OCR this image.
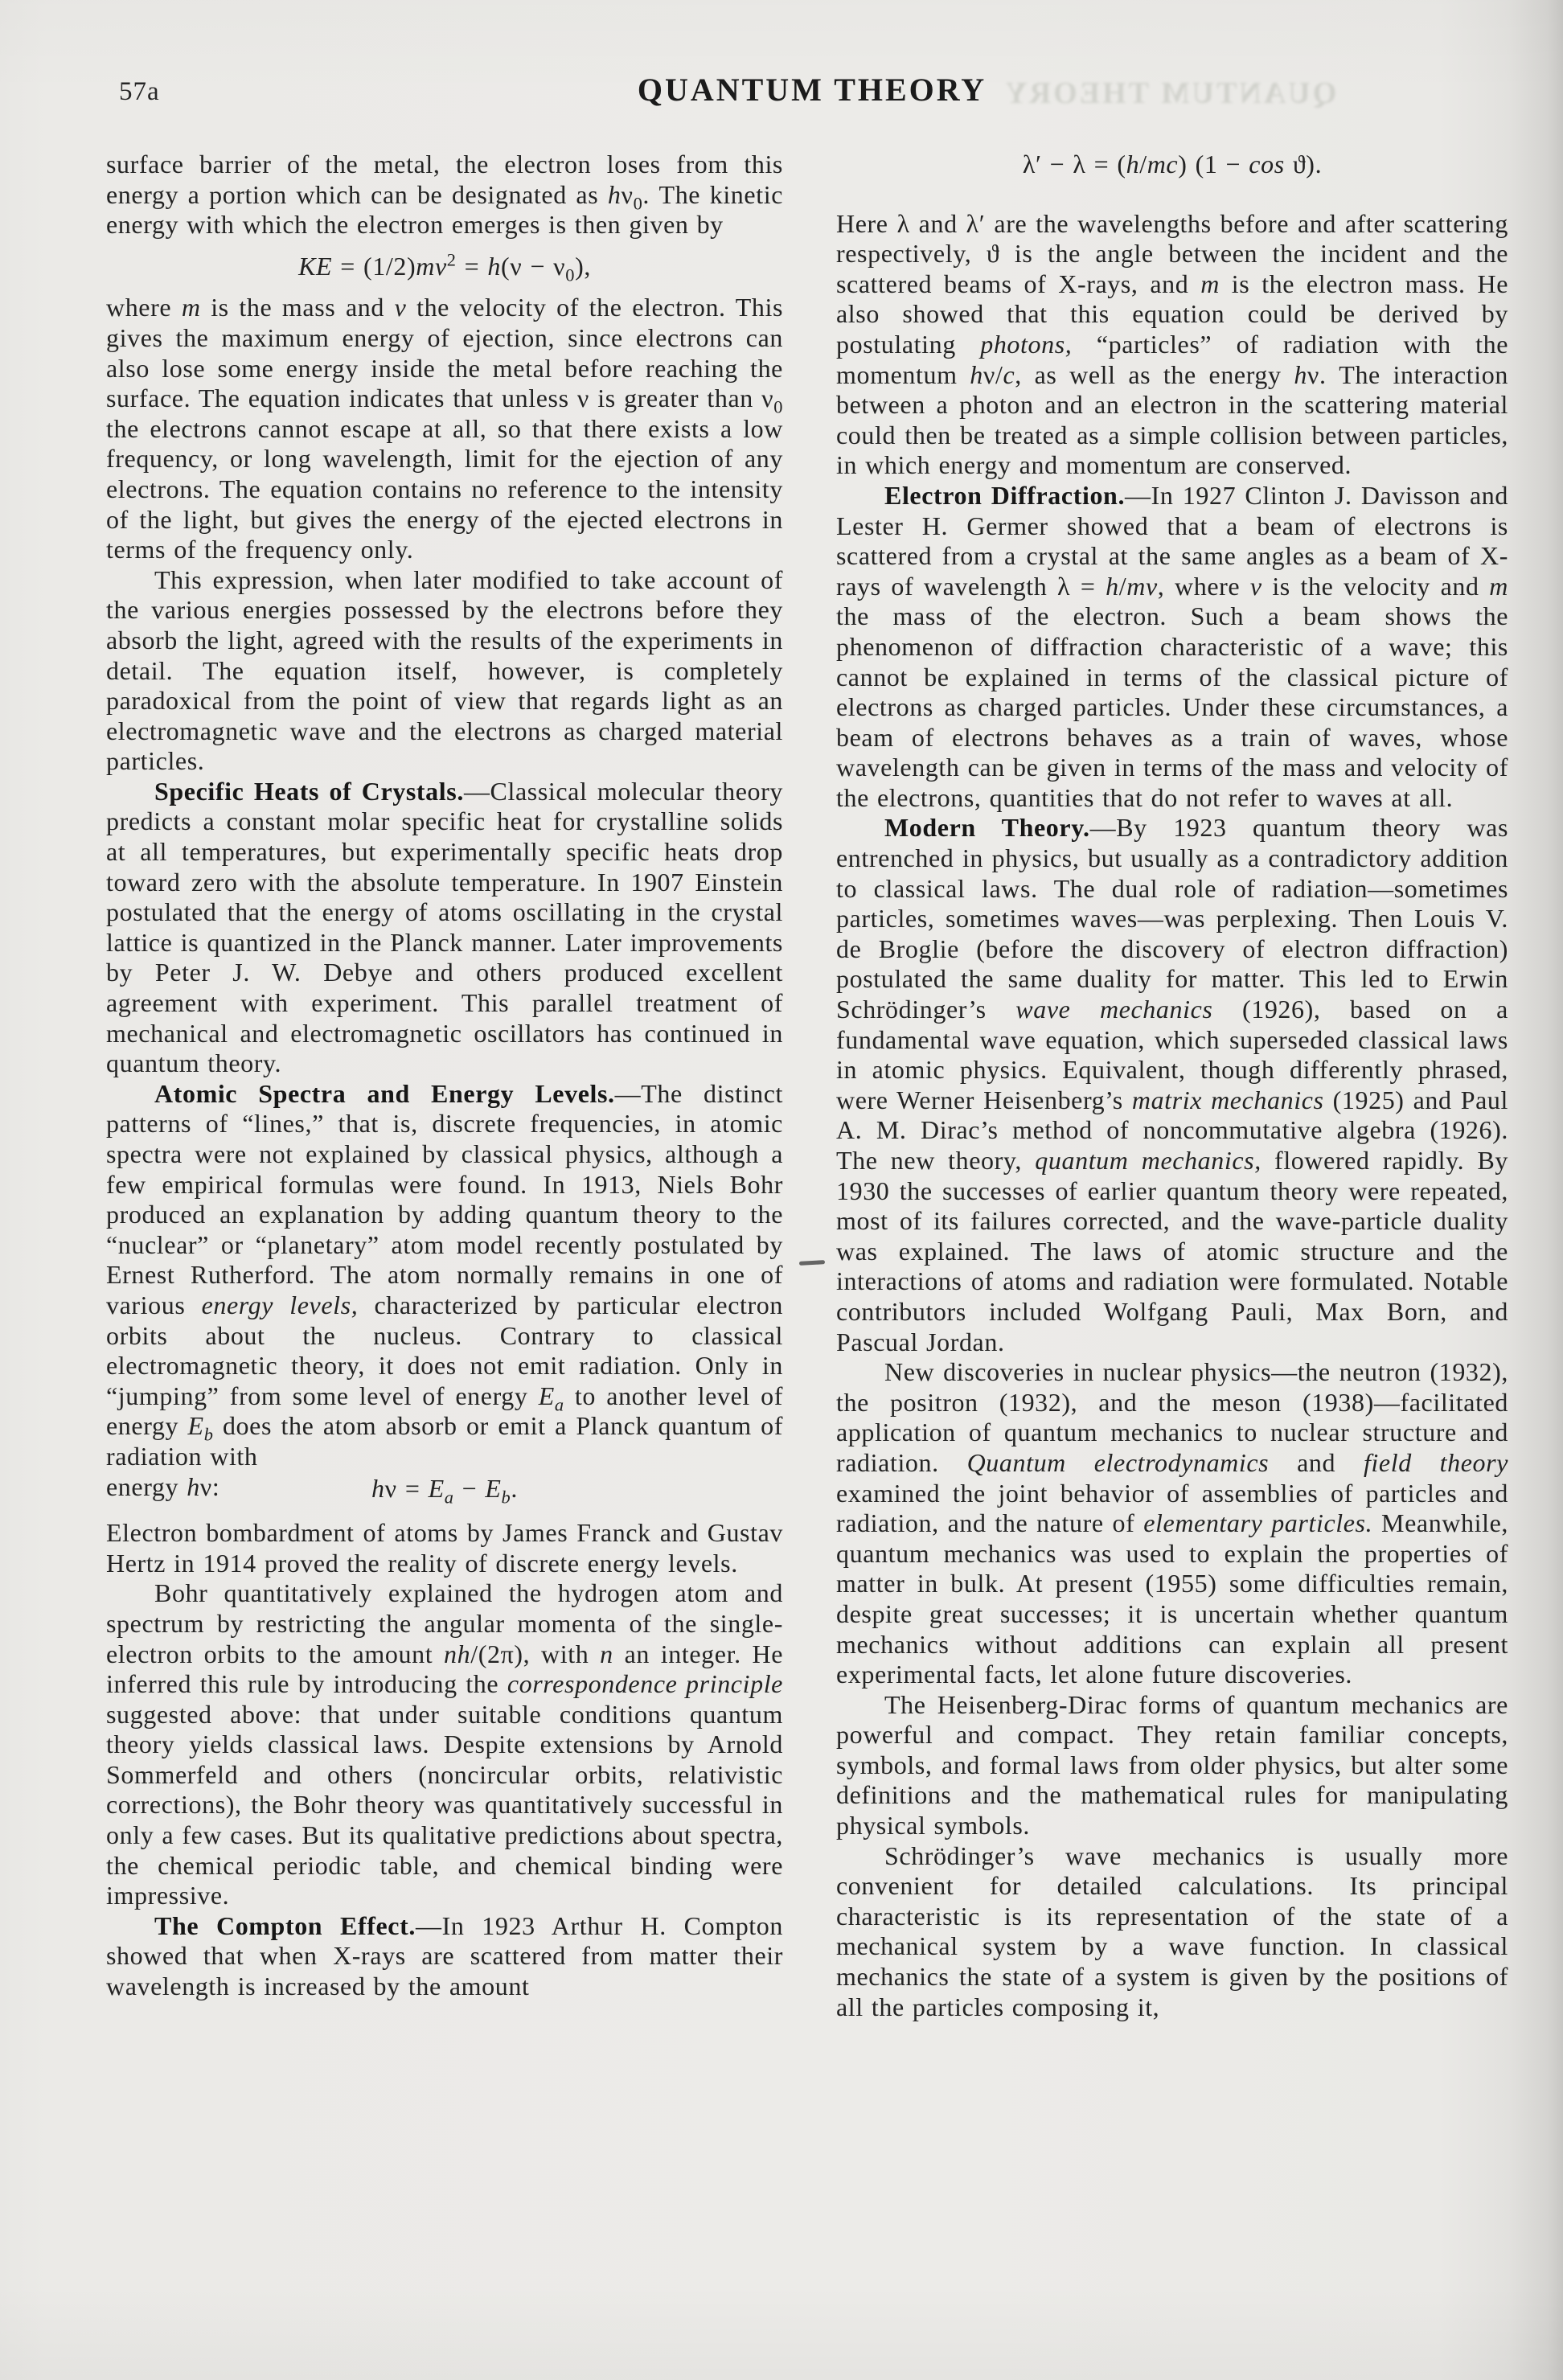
57a	QUANTUM THEORY QUANTUM THEORY

surface barrier of the metal, the electron loses from this energy a portion which can be designated as $h\nu_0$. The kinetic energy with which the electron emerges is then given by

KE = $(1/2)mv^2 = h(\nu - \nu_0)$,

where m is the mass and v the velocity of the electron. This gives the maximum energy of ejection, since electrons can also lose some energy inside the metal before reaching the surface. The equation indicates that unless ν is greater than $\nu_0$ the electrons cannot escape at all, so that there exists a low frequency, or long wavelength, limit for the ejection of any electrons. The equation contains no reference to the intensity of the light, but gives the energy of the ejected electrons in terms of the frequency only.

This expression, when later modified to take account of the various energies possessed by the electrons before they absorb the light, agreed with the results of the experiments in detail. The equation itself, however, is completely paradoxical from the point of view that regards light as an electromagnetic wave and the electrons as charged material particles.

Specific Heats of Crystals.—Classical molecular theory predicts a constant molar specific heat for crystalline solids at all temperatures, but experimentally specific heats drop toward zero with the absolute temperature. In 1907 Einstein postulated that the energy of atoms oscillating in the crystal lattice is quantized in the Planck manner. Later improvements by Peter J. W. Debye and others produced excellent agreement with experiment. This parallel treatment of mechanical and electromagnetic oscillators has continued in quantum theory.

Atomic Spectra and Energy Levels.—The distinct patterns of “lines,” that is, discrete frequencies, in atomic spectra were not explained by classical physics, although a few empirical formulas were found. In 1913, Niels Bohr produced an explanation by adding quantum theory to the “nuclear” or “planetary” atom model recently postulated by Ernest Rutherford. The atom normally remains in one of various energy levels, characterized by particular electron orbits about the nucleus. Contrary to classical electromagnetic theory, it does not emit radiation. Only in “jumping” from some level of energy $E_a$ to another level of energy $E_b$ does the atom absorb or emit a Planck quantum of radiation with

energy hν:	$h\nu = E_a - E_b$.

Electron bombardment of atoms by James Franck and Gustav Hertz in 1914 proved the reality of discrete energy levels.

Bohr quantitatively explained the hydrogen atom and spectrum by restricting the angular momenta of the single-electron orbits to the amount nh/(2π), with n an integer. He inferred this rule by introducing the correspondence principle suggested above: that under suitable conditions quantum theory yields classical laws. Despite extensions by Arnold Sommerfeld and others (noncircular orbits, relativistic corrections), the Bohr theory was quantitatively successful in only a few cases. But its qualitative predictions about spectra, the chemical periodic table, and chemical binding were impressive.

The Compton Effect.—In 1923 Arthur H. Compton showed that when X-rays are scattered from matter their wavelength is increased by the amount

λ′ − λ = (h/mc) (1 − cos ϑ).

Here λ and λ′ are the wavelengths before and after scattering respectively, ϑ is the angle between the incident and the scattered beams of X-rays, and m is the electron mass. He also showed that this equation could be derived by postulating photons, “particles” of radiation with the momentum hν/c, as well as the energy hν. The interaction between a photon and an electron in the scattering material could then be treated as a simple collision between particles, in which energy and momentum are conserved.

Electron Diffraction.—In 1927 Clinton J. Davisson and Lester H. Germer showed that a beam of electrons is scattered from a crystal at the same angles as a beam of X-rays of wavelength λ = h/mv, where v is the velocity and m the mass of the electron. Such a beam shows the phenomenon of diffraction characteristic of a wave; this cannot be explained in terms of the classical picture of electrons as charged particles. Under these circumstances, a beam of electrons behaves as a train of waves, whose wavelength can be given in terms of the mass and velocity of the electrons, quantities that do not refer to waves at all.

Modern Theory.—By 1923 quantum theory was entrenched in physics, but usually as a contradictory addition to classical laws. The dual role of radiation—sometimes particles, sometimes waves—was perplexing. Then Louis V. de Broglie (before the discovery of electron diffraction) postulated the same duality for matter. This led to Erwin Schrödinger’s wave mechanics (1926), based on a fundamental wave equation, which superseded classical laws in atomic physics. Equivalent, though differently phrased, were Werner Heisenberg’s matrix mechanics (1925) and Paul A. M. Dirac’s method of noncommutative algebra (1926). The new theory, quantum mechanics, flowered rapidly. By 1930 the successes of earlier quantum theory were repeated, most of its failures corrected, and the wave-particle duality was explained. The laws of atomic structure and the interactions of atoms and radiation were formulated. Notable contributors included Wolfgang Pauli, Max Born, and Pascual Jordan.

New discoveries in nuclear physics—the neutron (1932), the positron (1932), and the meson (1938)—facilitated application of quantum mechanics to nuclear structure and radiation. Quantum electrodynamics and field theory examined the joint behavior of assemblies of particles and radiation, and the nature of elementary particles. Meanwhile, quantum mechanics was used to explain the properties of matter in bulk. At present (1955) some difficulties remain, despite great successes; it is uncertain whether quantum mechanics without additions can explain all present experimental facts, let alone future discoveries.

The Heisenberg-Dirac forms of quantum mechanics are powerful and compact. They retain familiar concepts, symbols, and formal laws from older physics, but alter some definitions and the mathematical rules for manipulating physical symbols.

Schrödinger’s wave mechanics is usually more convenient for detailed calculations. Its principal characteristic is its representation of the state of a mechanical system by a wave function. In classical mechanics the state of a system is given by the positions of all the particles composing it,
